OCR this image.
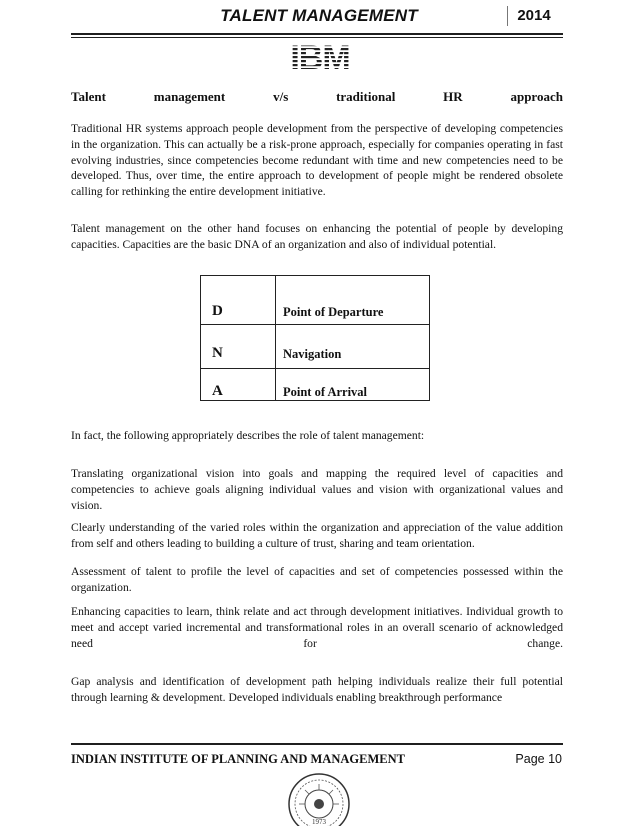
TALENT MANAGEMENT	2014
IBM
Talent	management	v/s	traditional	HR	approach
Traditional HR systems approach people development from the perspective of developing competencies in the organization. This can actually be a risk-prone approach, especially for companies operating in fast evolving industries, since competencies become redundant with time and new competencies need to be developed. Thus, over time, the entire approach to development of people might be rendered obsolete calling for rethinking the entire development initiative.
Talent management on the other hand focuses on enhancing the potential of people by developing capacities. Capacities are the basic DNA of an organization and also of individual potential.
D	Point of Departure
N	Navigation
A	Point of Arrival
In fact, the following appropriately describes the role of talent management:
Translating organizational vision into goals and mapping the required level of capacities and competencies to achieve goals aligning individual values and vision with organizational values and vision.
Clearly understanding of the varied roles within the organization and appreciation of the value addition from self and others leading to building a culture of trust, sharing and team orientation.
Assessment of talent to profile the level of capacities and set of competencies possessed within the organization.
Enhancing capacities to learn, think relate and act through development initiatives. Individual growth to meet and accept varied incremental and transformational roles in an overall scenario of acknowledged need for change.
Gap analysis and identification of development path helping individuals realize their full potential through learning & development. Developed individuals enabling breakthrough performance
INDIAN INSTITUTE OF PLANNING AND MANAGEMENT	Page 10
1973
